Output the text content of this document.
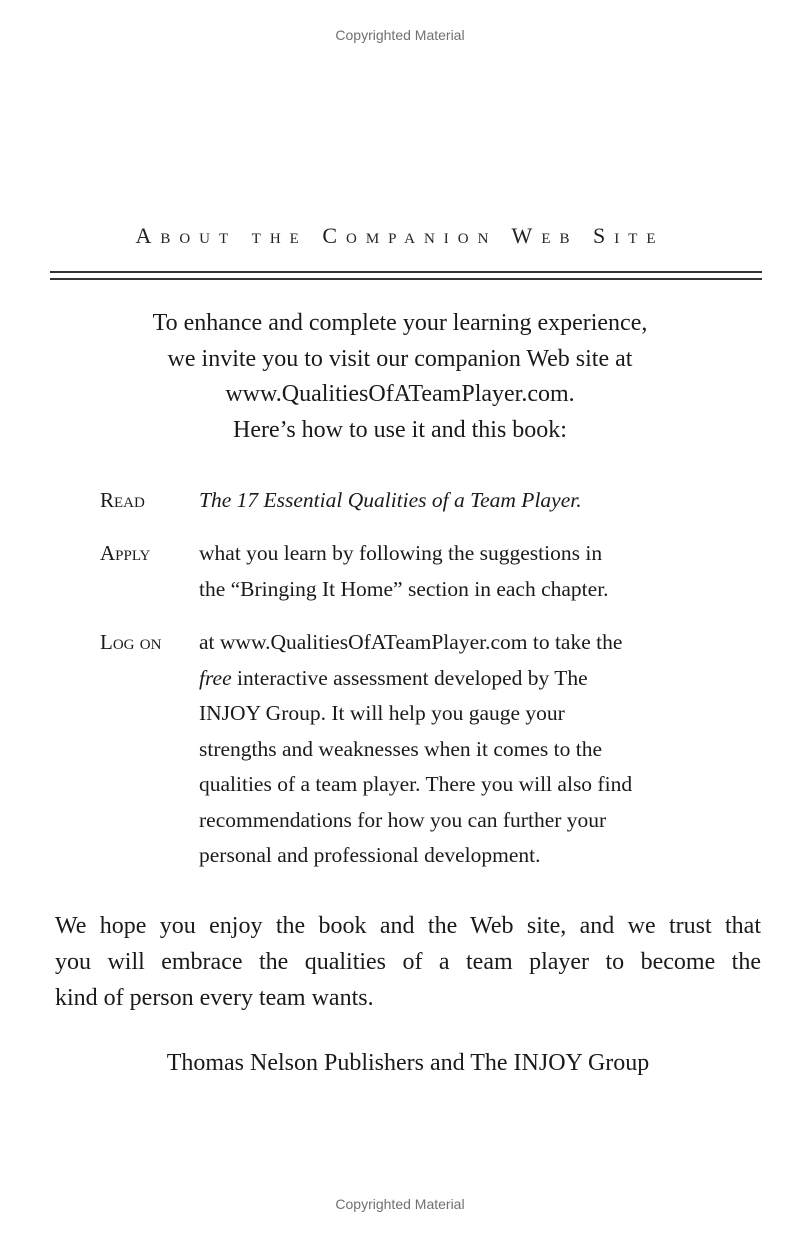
Copyrighted Material
About the Companion Web Site
To enhance and complete your learning experience,
we invite you to visit our companion Web site at
www.QualitiesOfATeamPlayer.com.
Here’s how to use it and this book:
Read	The 17 Essential Qualities of a Team Player.
Apply what you learn by following the suggestions in
the “Bringing It Home” section in each chapter.
Log on at www.QualitiesOfATeamPlayer.com to take the
free interactive assessment developed by The
INJOY Group. It will help you gauge your
strengths and weaknesses when it comes to the
qualities of a team player. There you will also find
recommendations for how you can further your
personal and professional development.
We hope you enjoy the book and the Web site, and we trust that
you will embrace the qualities of a team player to become the
kind of person every team wants.
Thomas Nelson Publishers and The INJOY Group
Copyrighted Material
